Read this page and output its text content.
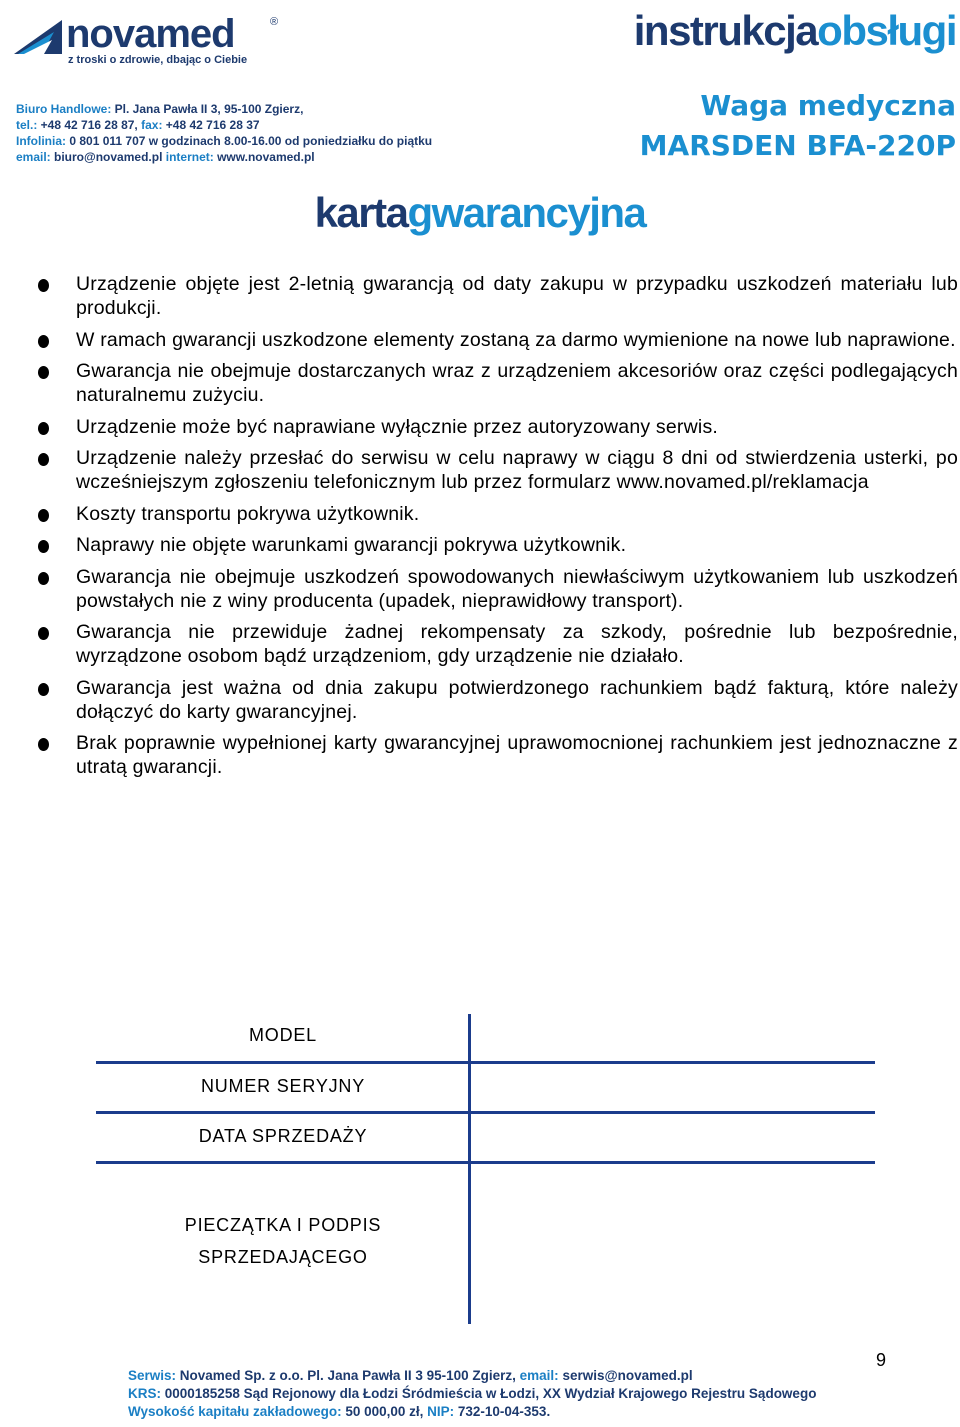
novamed	®
z troski o zdrowie, dbając o Ciebie
Biuro Handlowe: Pl. Jana Pawła II 3, 95-100 Zgierz,
tel.: +48 42 716 28 87, fax: +48 42 716 28 37
Infolinia: 0 801 011 707 w godzinach 8.00-16.00 od poniedziałku do piątku
email: biuro@novamed.pl internet: www.novamed.pl
instrukcjaobsługi
Waga medyczna
MARSDEN BFA-220P
kartagwarancyjna
Urządzenie objęte jest 2-letnią gwarancją od daty zakupu w przypadku uszkodzeń materiału lub produkcji.
W ramach gwarancji uszkodzone elementy zostaną za darmo wymienione na nowe lub naprawione.
Gwarancja nie obejmuje dostarczanych wraz z urządzeniem akcesoriów oraz części podlegających naturalnemu zużyciu.
Urządzenie może być naprawiane wyłącznie przez autoryzowany serwis.
Urządzenie należy przesłać do serwisu w celu naprawy w ciągu 8 dni od stwierdzenia usterki, po wcześniejszym zgłoszeniu telefonicznym lub przez formularz www.novamed.pl/reklamacja
Koszty transportu pokrywa użytkownik.
Naprawy nie objęte warunkami gwarancji pokrywa użytkownik.
Gwarancja nie obejmuje uszkodzeń spowodowanych niewłaściwym użytkowaniem lub uszkodzeń powstałych nie z winy producenta (upadek, nieprawidłowy transport).
Gwarancja nie przewiduje żadnej rekompensaty za szkody, pośrednie lub bezpośrednie, wyrządzone osobom bądź urządzeniom, gdy urządzenie nie działało.
Gwarancja jest ważna od dnia zakupu potwierdzonego rachunkiem bądź fakturą, które należy dołączyć do karty gwarancyjnej.
Brak poprawnie wypełnionej karty gwarancyjnej uprawomocnionej rachunkiem jest jednoznaczne z utratą gwarancji.
MODEL
NUMER SERYJNY
DATA SPRZEDAŻY
PIECZĄTKA I PODPIS
SPRZEDAJĄCEGO
9
Serwis: Novamed Sp. z o.o. Pl. Jana Pawła II 3 95-100 Zgierz, email: serwis@novamed.pl
KRS: 0000185258 Sąd Rejonowy dla Łodzi Śródmieścia w Łodzi, XX Wydział Krajowego Rejestru Sądowego
Wysokość kapitału zakładowego: 50 000,00 zł, NIP: 732-10-04-353.
